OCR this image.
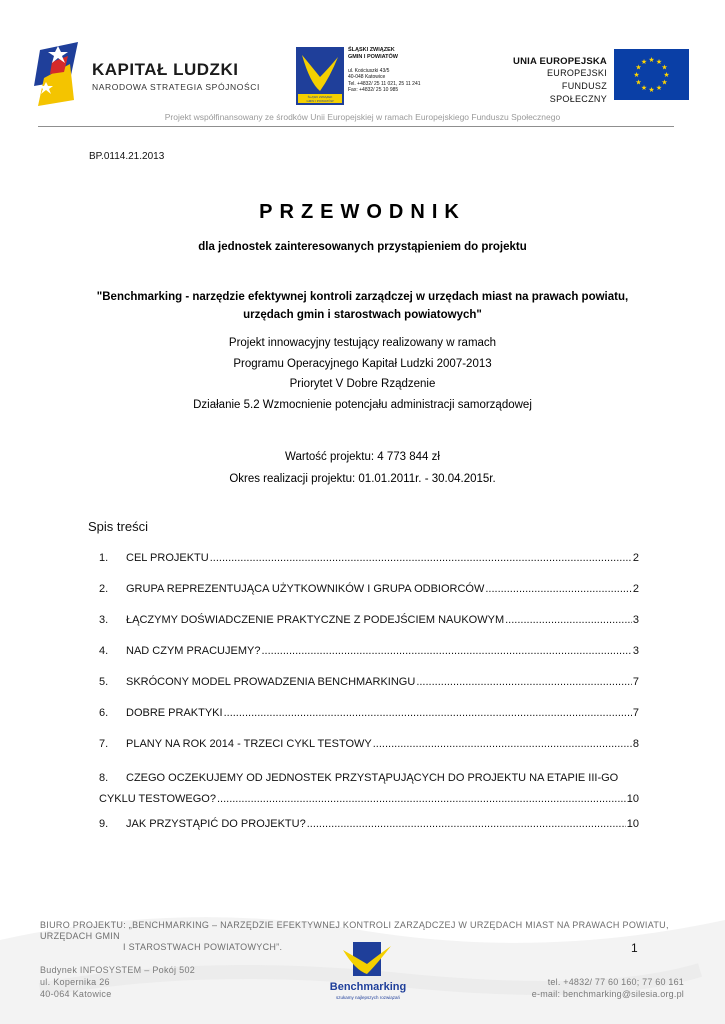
KAPITAŁ LUDZKI
NARODOWA STRATEGIA SPÓJNOŚCI
ŚLĄSKI ZWIĄZEK
GMIN I POWIATÓW
ŚLĄSKI ZWIĄZEK
GMIN I POWIATÓW
ul. Kościuszki 43/5
40-048 Katowice
Tel. +4832/ 25 11 021, 25 11 241
Fax: +4832/ 25 10 985
UNIA EUROPEJSKA
EUROPEJSKI
FUNDUSZ SPOŁECZNY
★ ★
★
★
★
★
★
★
★
★
★
★
Projekt współfinansowany ze środków Unii Europejskiej w ramach Europejskiego Funduszu Społecznego
BP.0114.21.2013
PRZEWODNIK
dla jednostek zainteresowanych przystąpieniem do projektu
"Benchmarking - narzędzie efektywnej kontroli zarządczej w urzędach miast na prawach powiatu,
urzędach gmin i starostwach powiatowych"
Projekt innowacyjny testujący realizowany w ramach
Programu Operacyjnego Kapitał Ludzki 2007-2013
Priorytet V Dobre Rządzenie
Działanie 5.2 Wzmocnienie potencjału administracji samorządowej
Wartość projektu: 4 773 844 zł
Okres realizacji projektu: 01.01.2011r. - 30.04.2015r.
Spis treści
1.	CEL PROJEKTU .....	2
2.	GRUPA REPREZENTUJĄCA UŻYTKOWNIKÓW I GRUPA ODBIORCÓW .....	2
3.	ŁĄCZYMY DOŚWIADCZENIE PRAKTYCZNE Z PODEJŚCIEM NAUKOWYM .....	3
4.	NAD CZYM PRACUJEMY? .....	3
5.	SKRÓCONY MODEL PROWADZENIA BENCHMARKINGU .....	7
6.	DOBRE PRAKTYKI .....	7
7.	PLANY NA ROK 2014 - TRZECI CYKL TESTOWY .....	8
8. CZEGO OCZEKUJEMY OD JEDNOSTEK PRZYSTĄPUJĄCYCH DO PROJEKTU NA ETAPIE III-GO
CYKLU TESTOWEGO? .....	10
9.	JAK PRZYSTĄPIĆ DO PROJEKTU? .....	10
BIURO PROJEKTU: „BENCHMARKING – NARZĘDZIE EFEKTYWNEJ KONTROLI ZARZĄDCZEJ W URZĘDACH MIAST NA PRAWACH POWIATU, URZĘDACH GMIN
I STAROSTWACH POWIATOWYCH”.	1
Budynek INFOSYSTEM – Pokój 502
ul. Kopernika 26
40-064 Katowice
Benchmarking
szukamy najlepszych rozwiązań
tel. +4832/ 77 60 160; 77 60 161
e-mail: benchmarking@silesia.org.pl
